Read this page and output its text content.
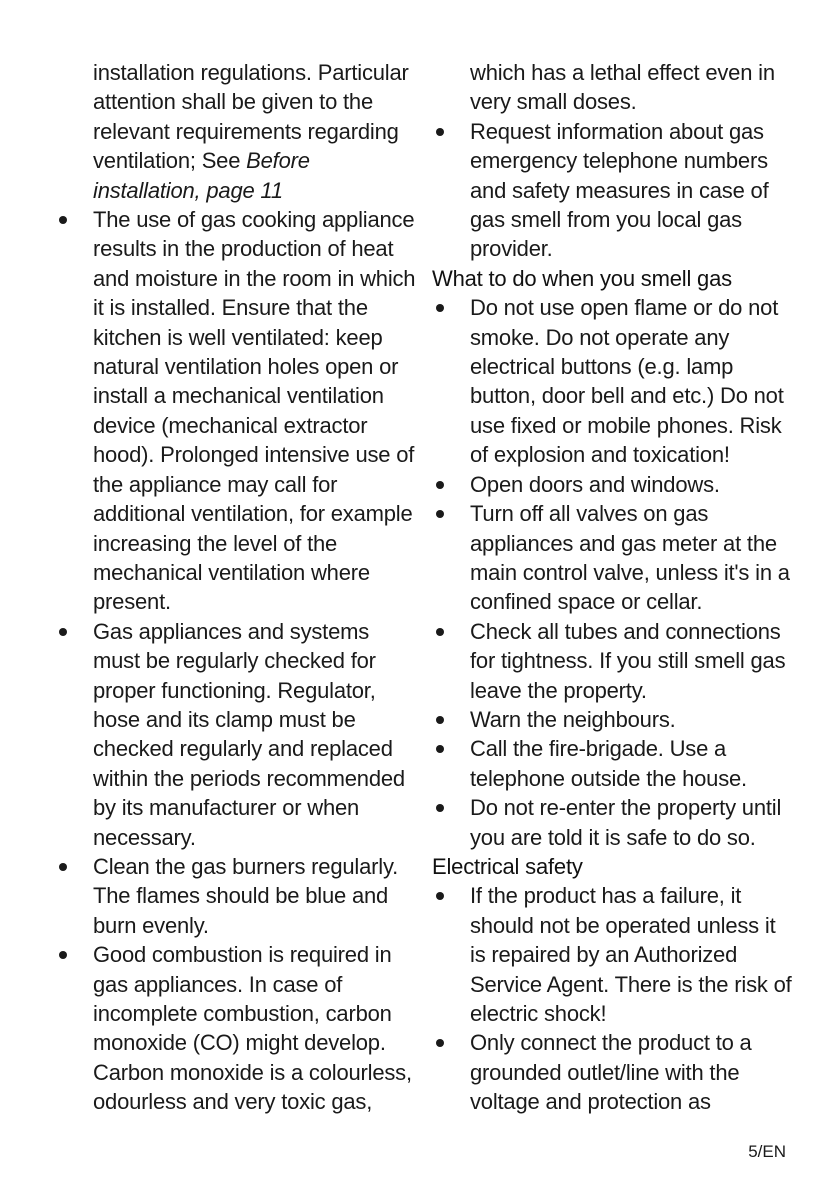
installation regulations. Particular attention shall be given to the relevant requirements regarding ventilation; See Before installation, page 11
The use of gas cooking appliance results in the production of heat and moisture in the room in which it is installed. Ensure that the kitchen is well ventilated: keep natural ventilation holes open or install a mechanical ventilation device (mechanical extractor hood). Prolonged intensive use of the appliance may call for additional ventilation, for example increasing the level of the mechanical ventilation where present.
Gas appliances and systems must be regularly checked for proper functioning. Regulator, hose and its clamp must be checked regularly and replaced within the periods recommended by its manufacturer or when necessary.
Clean the gas burners regularly. The flames should be blue and burn evenly.
Good combustion is required in gas appliances. In case of incomplete combustion, carbon monoxide (CO) might develop. Carbon monoxide is a colourless, odourless and very toxic gas,
which has a lethal effect even in very small doses.
Request information about gas emergency telephone numbers and safety measures in case of gas smell from you local gas provider.
What to do when you smell gas
Do not use open flame or do not smoke. Do not operate any electrical buttons (e.g. lamp button, door bell and etc.) Do not use fixed or mobile phones. Risk of explosion and toxication!
Open doors and windows.
Turn off all valves on gas appliances and gas meter at the main control valve, unless it's in a confined space or cellar.
Check all tubes and connections for tightness. If you still smell gas leave the property.
Warn the neighbours.
Call the fire-brigade. Use a telephone outside the house.
Do not re-enter the property until you are told it is safe to do so.
Electrical safety
If the product has a failure, it should not be operated unless it is repaired by an Authorized Service Agent. There is the risk of electric shock!
Only connect the product to a grounded outlet/line with the voltage and protection as
5/EN
